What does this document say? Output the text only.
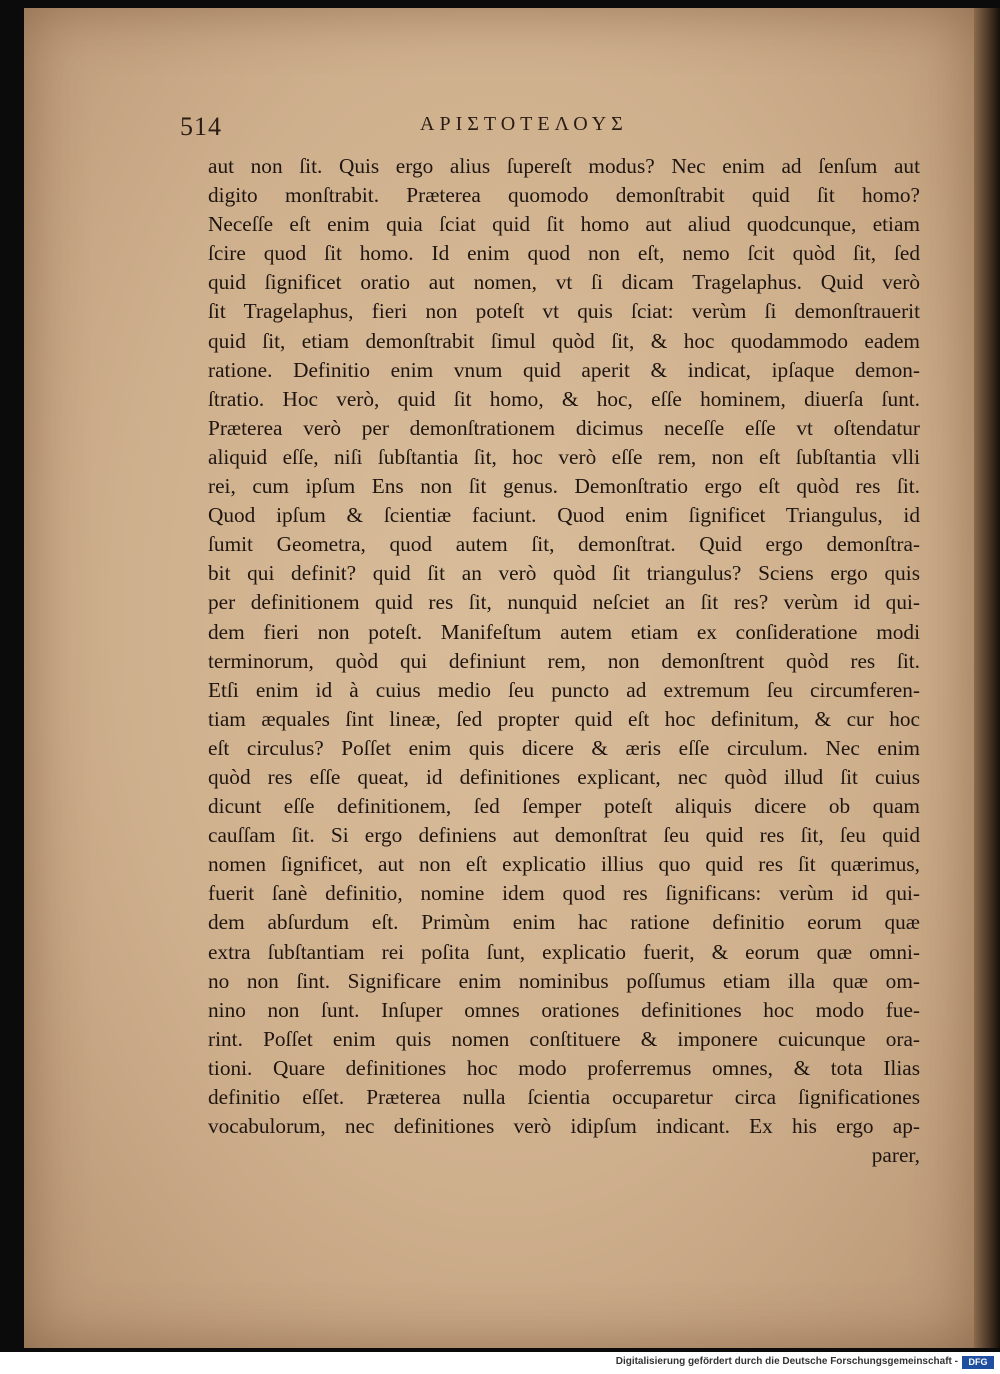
514	ΑΡΙΣΤΟΤΕΛΟΥΣ
aut non ſit. Quis ergo alius ſupereſt modus? Nec enim ad ſenſum aut
digito monſtrabit. Præterea quomodo demonſtrabit quid ſit homo?
Neceſſe eſt enim quia ſciat quid ſit homo aut aliud quodcunque, etiam
ſcire quod ſit homo. Id enim quod non eſt, nemo ſcit quòd ſit, ſed
quid ſignificet oratio aut nomen, vt ſi dicam Tragelaphus. Quid verò
ſit Tragelaphus, fieri non poteſt vt quis ſciat: verùm ſi demonſtrauerit
quid ſit, etiam demonſtrabit ſimul quòd ſit, & hoc quodammodo eadem
ratione. Definitio enim vnum quid aperit & indicat, ipſaque demon-
ſtratio. Hoc verò, quid ſit homo, & hoc, eſſe hominem, diuerſa ſunt.
Præterea verò per demonſtrationem dicimus neceſſe eſſe vt oſtendatur
aliquid eſſe, niſi ſubſtantia ſit, hoc verò eſſe rem, non eſt ſubſtantia vlli
rei, cum ipſum Ens non ſit genus. Demonſtratio ergo eſt quòd res ſit.
Quod ipſum & ſcientiæ faciunt. Quod enim ſignificet Triangulus, id
ſumit Geometra, quod autem ſit, demonſtrat. Quid ergo demonſtra-
bit qui definit? quid ſit an verò quòd ſit triangulus? Sciens ergo quis
per definitionem quid res ſit, nunquid neſciet an ſit res? verùm id qui-
dem fieri non poteſt. Manifeſtum autem etiam ex conſideratione modi
terminorum, quòd qui definiunt rem, non demonſtrent quòd res ſit.
Etſi enim id à cuius medio ſeu puncto ad extremum ſeu circumferen-
tiam æquales ſint lineæ, ſed propter quid eſt hoc definitum, & cur hoc
eſt circulus? Poſſet enim quis dicere & æris eſſe circulum. Nec enim
quòd res eſſe queat, id definitiones explicant, nec quòd illud ſit cuius
dicunt eſſe definitionem, ſed ſemper poteſt aliquis dicere ob quam
cauſſam ſit. Si ergo definiens aut demonſtrat ſeu quid res ſit, ſeu quid
nomen ſignificet, aut non eſt explicatio illius quo quid res ſit quærimus,
fuerit ſanè definitio, nomine idem quod res ſignificans: verùm id qui-
dem abſurdum eſt. Primùm enim hac ratione definitio eorum quæ
extra ſubſtantiam rei poſita ſunt, explicatio fuerit, & eorum quæ omni-
no non ſint. Significare enim nominibus poſſumus etiam illa quæ om-
nino non ſunt. Inſuper omnes orationes definitiones hoc modo fue-
rint. Poſſet enim quis nomen conſtituere & imponere cuicunque ora-
tioni. Quare definitiones hoc modo proferremus omnes, & tota Ilias
definitio eſſet. Præterea nulla ſcientia occuparetur circa ſignificationes
vocabulorum, nec definitiones verò idipſum indicant. Ex his ergo ap-
parer,
Digitalisierung gefördert durch die Deutsche Forschungsgemeinschaft -	DFG
